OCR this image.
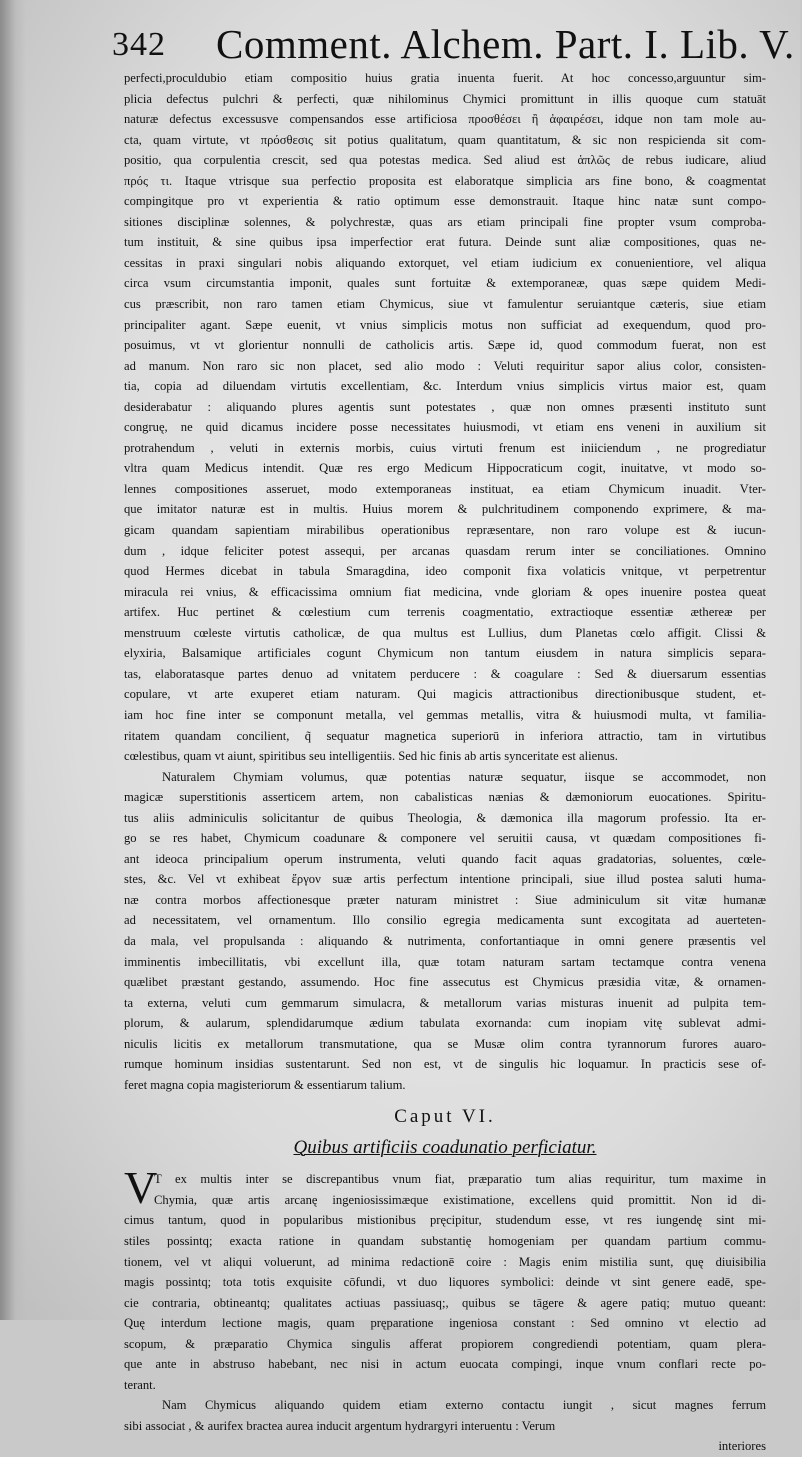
342 Comment. Alchem. Part. I. Lib. V.
perfecti,proculdubio etiam compositio huius gratia inuenta fuerit. At hoc concesso,arguuntur sim-
plicia defectus pulchri & perfecti, quæ nihilominus Chymici promittunt in illis quoque cum statuāt
naturæ defectus excessusve compensandos esse artificiosa προσθέσει ἢ ἀφαιρέσει, idque non tam mole au-
cta, quam virtute, vt πρόσθεσις sit potius qualitatum, quam quantitatum, & sic non respicienda sit com-
positio, qua corpulentia crescit, sed qua potestas medica. Sed aliud est ἁπλῶς de rebus iudicare, aliud
πρός τι. Itaque vtrisque sua perfectio proposita est elaboratque simplicia ars fine bono, & coagmentat
compingitque pro vt experientia & ratio optimum esse demonstrauit. Itaque hinc natæ sunt compo-
sitiones disciplinæ solennes, & polychrestæ, quas ars etiam principali fine propter vsum comproba-
tum instituit, & sine quibus ipsa imperfectior erat futura. Deinde sunt aliæ compositiones, quas ne-
cessitas in praxi singulari nobis aliquando extorquet, vel etiam iudicium ex conuenientiore, vel aliqua
circa vsum circumstantia imponit, quales sunt fortuitæ & extemporaneæ, quas sæpe quidem Medi-
cus præscribit, non raro tamen etiam Chymicus, siue vt famulentur seruiantque cæteris, siue etiam
principaliter agant. Sæpe euenit, vt vnius simplicis motus non sufficiat ad exequendum, quod pro-
posuimus, vt vt glorientur nonnulli de catholicis artis. Sæpe id, quod commodum fuerat, non est
ad manum. Non raro sic non placet, sed alio modo : Veluti requiritur sapor alius color, consisten-
tia, copia ad diluendam virtutis excellentiam, &c. Interdum vnius simplicis virtus maior est, quam
desiderabatur : aliquando plures agentis sunt potestates , quæ non omnes præsenti instituto sunt
congruę, ne quid dicamus incidere posse necessitates huiusmodi, vt etiam ens veneni in auxilium sit
protrahendum , veluti in externis morbis, cuius virtuti frenum est iniiciendum , ne progrediatur
vltra quam Medicus intendit. Quæ res ergo Medicum Hippocraticum cogit, inuitatve, vt modo so-
lennes compositiones asseruet, modo extemporaneas instituat, ea etiam Chymicum inuadit. Vter-
que imitator naturæ est in multis. Huius morem & pulchritudinem componendo exprimere, & ma-
gicam quandam sapientiam mirabilibus operationibus repræsentare, non raro volupe est & iucun-
dum , idque feliciter potest assequi, per arcanas quasdam rerum inter se conciliationes. Omnino
quod Hermes dicebat in tabula Smaragdina, ideo componit fixa volaticis vnitque, vt perpetrentur
miracula rei vnius, & efficacissima omnium fiat medicina, vnde gloriam & opes inuenire postea queat
artifex. Huc pertinet & cœlestium cum terrenis coagmentatio, extractioque essentiæ æthereæ per
menstruum cœleste virtutis catholicæ, de qua multus est Lullius, dum Planetas cœlo affigit. Clissi &
elyxiria, Balsamique artificiales cogunt Chymicum non tantum eiusdem in natura simplicis separa-
tas, elaboratasque partes denuo ad vnitatem perducere : & coagulare : Sed & diuersarum essentias
copulare, vt arte exuperet etiam naturam. Qui magicis attractionibus directionibusque student, et-
iam hoc fine inter se componunt metalla, vel gemmas metallis, vitra & huiusmodi multa, vt familia-
ritatem quandam concilient, q̃ sequatur magnetica superiorū in inferiora attractio, tam in virtutibus
cœlestibus, quam vt aiunt, spiritibus seu intelligentiis. Sed hic finis ab artis synceritate est alienus.
Naturalem Chymiam volumus, quæ potentias naturæ sequatur, iisque se accommodet, non
magicæ superstitionis asserticem artem, non cabalisticas nænias & dæmoniorum euocationes. Spiritu-
tus aliis adminiculis solicitantur de quibus Theologia, & dæmonica illa magorum professio. Ita er-
go se res habet, Chymicum coadunare & componere vel seruitii causa, vt quædam compositiones fi-
ant ideoca principalium operum instrumenta, veluti quando facit aquas gradatorias, soluentes, cœle-
stes, &c. Vel vt exhibeat ἔργον suæ artis perfectum intentione principali, siue illud postea saluti huma-
næ contra morbos affectionesque præter naturam ministret : Siue adminiculum sit vitæ humanæ
ad necessitatem, vel ornamentum. Illo consilio egregia medicamenta sunt excogitata ad auerteten-
da mala, vel propulsanda : aliquando & nutrimenta, confortantiaque in omni genere præsentis vel
imminentis imbecillitatis, vbi excellunt illa, quæ totam naturam sartam tectamque contra venena
quælibet præstant gestando, assumendo. Hoc fine assecutus est Chymicus præsidia vitæ, & ornamen-
ta externa, veluti cum gemmarum simulacra, & metallorum varias misturas inuenit ad pulpita tem-
plorum, & aularum, splendidarumque ædium tabulata exornanda: cum inopiam vitę sublevat admi-
niculis licitis ex metallorum transmutatione, qua se Musæ olim contra tyrannorum furores auaro-
rumque hominum insidias sustentarunt. Sed non est, vt de singulis hic loquamur. In practicis sese of-
feret magna copia magisteriorum & essentiarum talium.
Caput VI.
Quibus artificiis coadunatio perficiatur.
V
T ex multis inter se discrepantibus vnum fiat, præparatio tum alias requiritur, tum maxime in
Chymia, quæ artis arcanę ingeniosissimæque existimatione, excellens quid promittit. Non id di-
cimus tantum, quod in popularibus mistionibus pręcipitur, studendum esse, vt res iungendę sint mi-
stiles possintq; exacta ratione in quandam substantię homogeniam per quandam partium commu-
tionem, vel vt aliqui voluerunt, ad minima redactionē coire : Magis enim mistilia sunt, quę diuisibilia
magis possintq; tota totis exquisite cōfundi, vt duo liquores symbolici: deinde vt sint genere eadē, spe-
cie contraria, obtineantq; qualitates actiuas passiuasq;, quibus se tāgere & agere patiq; mutuo queant:
Quę interdum lectione magis, quam pręparatione ingeniosa constant : Sed omnino vt electio ad
scopum, & præparatio Chymica singulis afferat propiorem congrediendi potentiam, quam plera-
que ante in abstruso habebant, nec nisi in actum euocata compingi, inque vnum conflari recte po-
terant.
Nam Chymicus aliquando quidem etiam externo contactu iungit , sicut magnes ferrum
sibi associat , & aurifex bractea aurea inducit argentum hydrargyri interuentu : Verum
interiores
